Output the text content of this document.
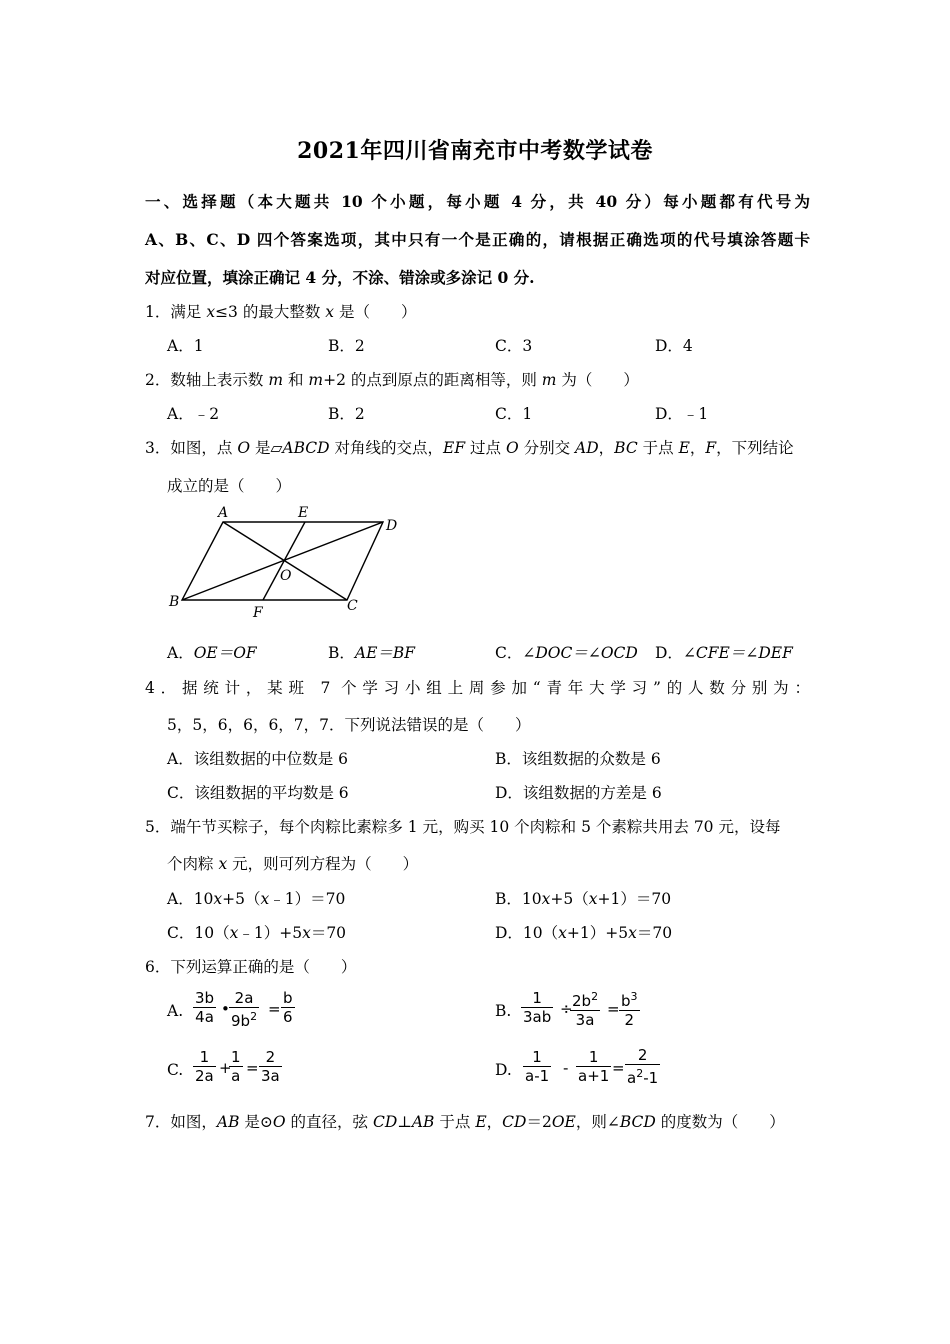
2021年四川省南充市中考数学试卷
一、选择题（本大题共 10 个小题，每小题 4 分，共 40 分）每小题都有代号为
A、B、C、D 四个答案选项，其中只有一个是正确的，请根据正确选项的代号填涂答题卡
对应位置，填涂正确记 4 分，不涂、错涂或多涂记 0 分.
1．满足 x≤3 的最大整数 x 是（　　）
A．1	B．2	C．3	D．4
2．数轴上表示数 m 和 m+2 的点到原点的距离相等，则 m 为（　　）
A．﹣2	B．2	C．1	D．﹣1
3．如图，点 O 是▱ABCD 对角线的交点，EF 过点 O 分别交 AD，BC 于点 E，F，下列结论
成立的是（　　）
A	E
D
O
B
F	C
A．OE＝OF	B．AE＝BF	C．∠DOC＝∠OCD D．∠CFE＝∠DEF
4．据统计，某班 7 个学习小组上周参加“青年大学习”的人数分别为：
5，5，6，6，6，7，7．下列说法错误的是（　　）
A．该组数据的中位数是 6	B．该组数据的众数是 6
C．该组数据的平均数是 6	D．该组数据的方差是 6
5．端午节买粽子，每个肉粽比素粽多 1 元，购买 10 个肉粽和 5 个素粽共用去 70 元，设每
个肉粽 x 元，则可列方程为（　　）
A．10x+5（x﹣1）＝70	B．10x+5（x+1）＝70
C．10（x﹣1）+5x＝70	D．10（x+1）+5x＝70
6．下列运算正确的是（　　）
A. $\frac{3b}{4a}$ • $\frac{2a}{9b^2} = \frac{b}{6}$	B. $\frac{1}{3ab}$ ÷
$\frac{2b^2}{3a} = \frac{b^3}{2}$
C. $\frac{1}{2a}$ +
$\frac{1}{a} = \frac{2}{3a}$	D. $\frac{1}{a-1} - \frac{1}{a+1} = \frac{2}{a^2-1}$
7．如图，AB 是⊙O 的直径，弦 CD⊥AB 于点 E，CD＝2OE，则∠BCD 的度数为（　　）
